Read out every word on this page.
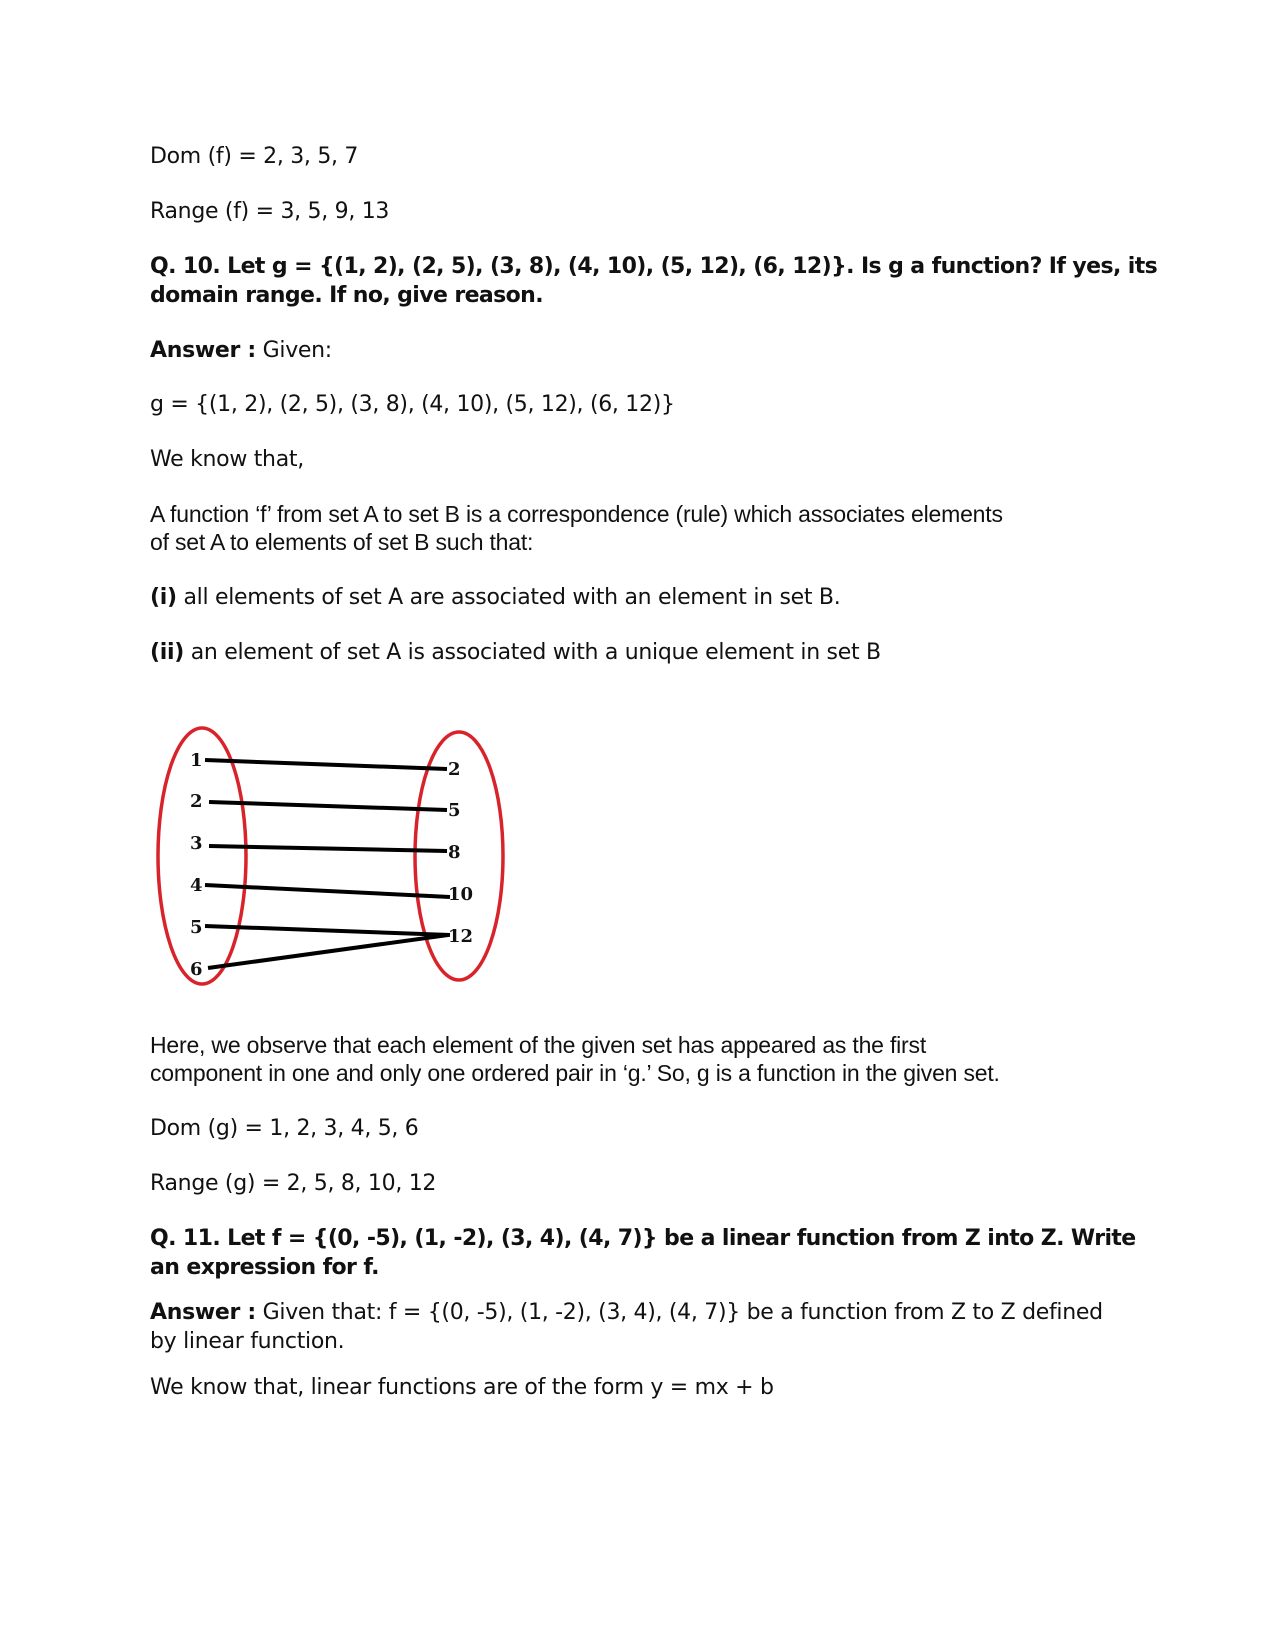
Dom (f) = 2, 3, 5, 7
Range (f) = 3, 5, 9, 13
Q. 10. Let g = {(1, 2), (2, 5), (3, 8), (4, 10), (5, 12), (6, 12)}. Is g a function? If yes, its
domain range. If no, give reason.
Answer : Given:
g = {(1, 2), (2, 5), (3, 8), (4, 10), (5, 12), (6, 12)}
We know that,
A function ‘f’ from set A to set B is a correspondence (rule) which associates elements
of set A to elements of set B such that:
(i) all elements of set A are associated with an element in set B.
(ii) an element of set A is associated with a unique element in set B
1
2
3
4
5
6
2
5
8
10
12
Here, we observe that each element of the given set has appeared as the first
component in one and only one ordered pair in ‘g.’ So, g is a function in the given set.
Dom (g) = 1, 2, 3, 4, 5, 6
Range (g) = 2, 5, 8, 10, 12
Q. 11. Let f = {(0, -5), (1, -2), (3, 4), (4, 7)} be a linear function from Z into Z. Write
an expression for f.
Answer : Given that: f = {(0, -5), (1, -2), (3, 4), (4, 7)} be a function from Z to Z defined
by linear function.
We know that, linear functions are of the form y = mx + b
